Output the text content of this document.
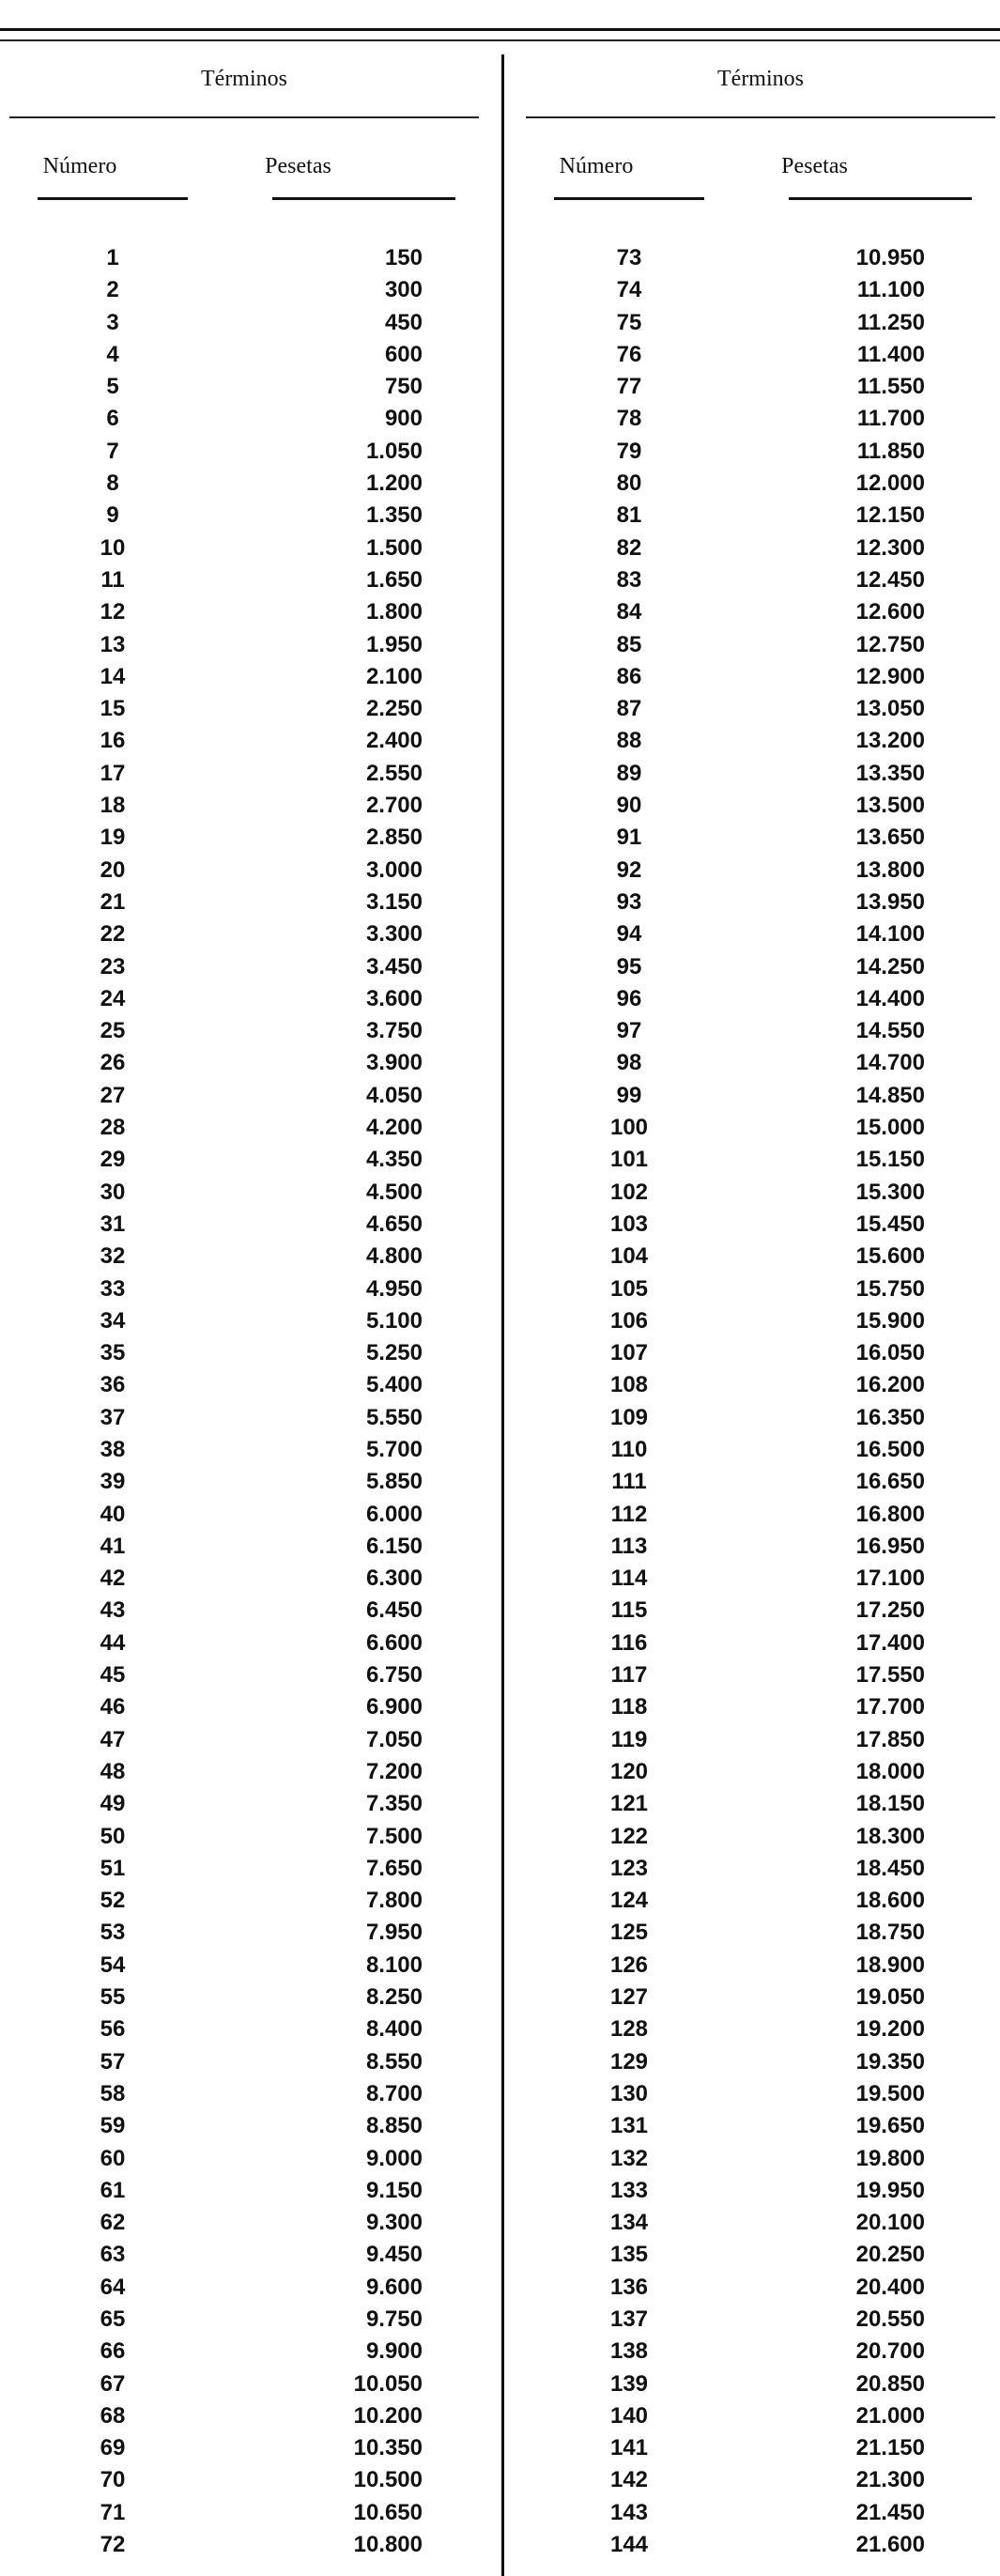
Términos
Número	Pesetas
1	150
2	300
3	450
4	600
5	750
6	900
7	1.050
8	1.200
9	1.350
10	1.500
11	1.650
12	1.800
13	1.950
14	2.100
15	2.250
16	2.400
17	2.550
18	2.700
19	2.850
20	3.000
21	3.150
22	3.300
23	3.450
24	3.600
25	3.750
26	3.900
27	4.050
28	4.200
29	4.350
30	4.500
31	4.650
32	4.800
33	4.950
34	5.100
35	5.250
36	5.400
37	5.550
38	5.700
39	5.850
40	6.000
41	6.150
42	6.300
43	6.450
44	6.600
45	6.750
46	6.900
47	7.050
48	7.200
49	7.350
50	7.500
51	7.650
52	7.800
53	7.950
54	8.100
55	8.250
56	8.400
57	8.550
58	8.700
59	8.850
60	9.000
61	9.150
62	9.300
63	9.450
64	9.600
65	9.750
66	9.900
67	10.050
68	10.200
69	10.350
70	10.500
71	10.650
72	10.800
Términos
Número	Pesetas
73	10.950
74	11.100
75	11.250
76	11.400
77	11.550
78	11.700
79	11.850
80	12.000
81	12.150
82	12.300
83	12.450
84	12.600
85	12.750
86	12.900
87	13.050
88	13.200
89	13.350
90	13.500
91	13.650
92	13.800
93	13.950
94	14.100
95	14.250
96	14.400
97	14.550
98	14.700
99	14.850
100	15.000
101	15.150
102	15.300
103	15.450
104	15.600
105	15.750
106	15.900
107	16.050
108	16.200
109	16.350
110	16.500
111	16.650
112	16.800
113	16.950
114	17.100
115	17.250
116	17.400
117	17.550
118	17.700
119	17.850
120	18.000
121	18.150
122	18.300
123	18.450
124	18.600
125	18.750
126	18.900
127	19.050
128	19.200
129	19.350
130	19.500
131	19.650
132	19.800
133	19.950
134	20.100
135	20.250
136	20.400
137	20.550
138	20.700
139	20.850
140	21.000
141	21.150
142	21.300
143	21.450
144	21.600
